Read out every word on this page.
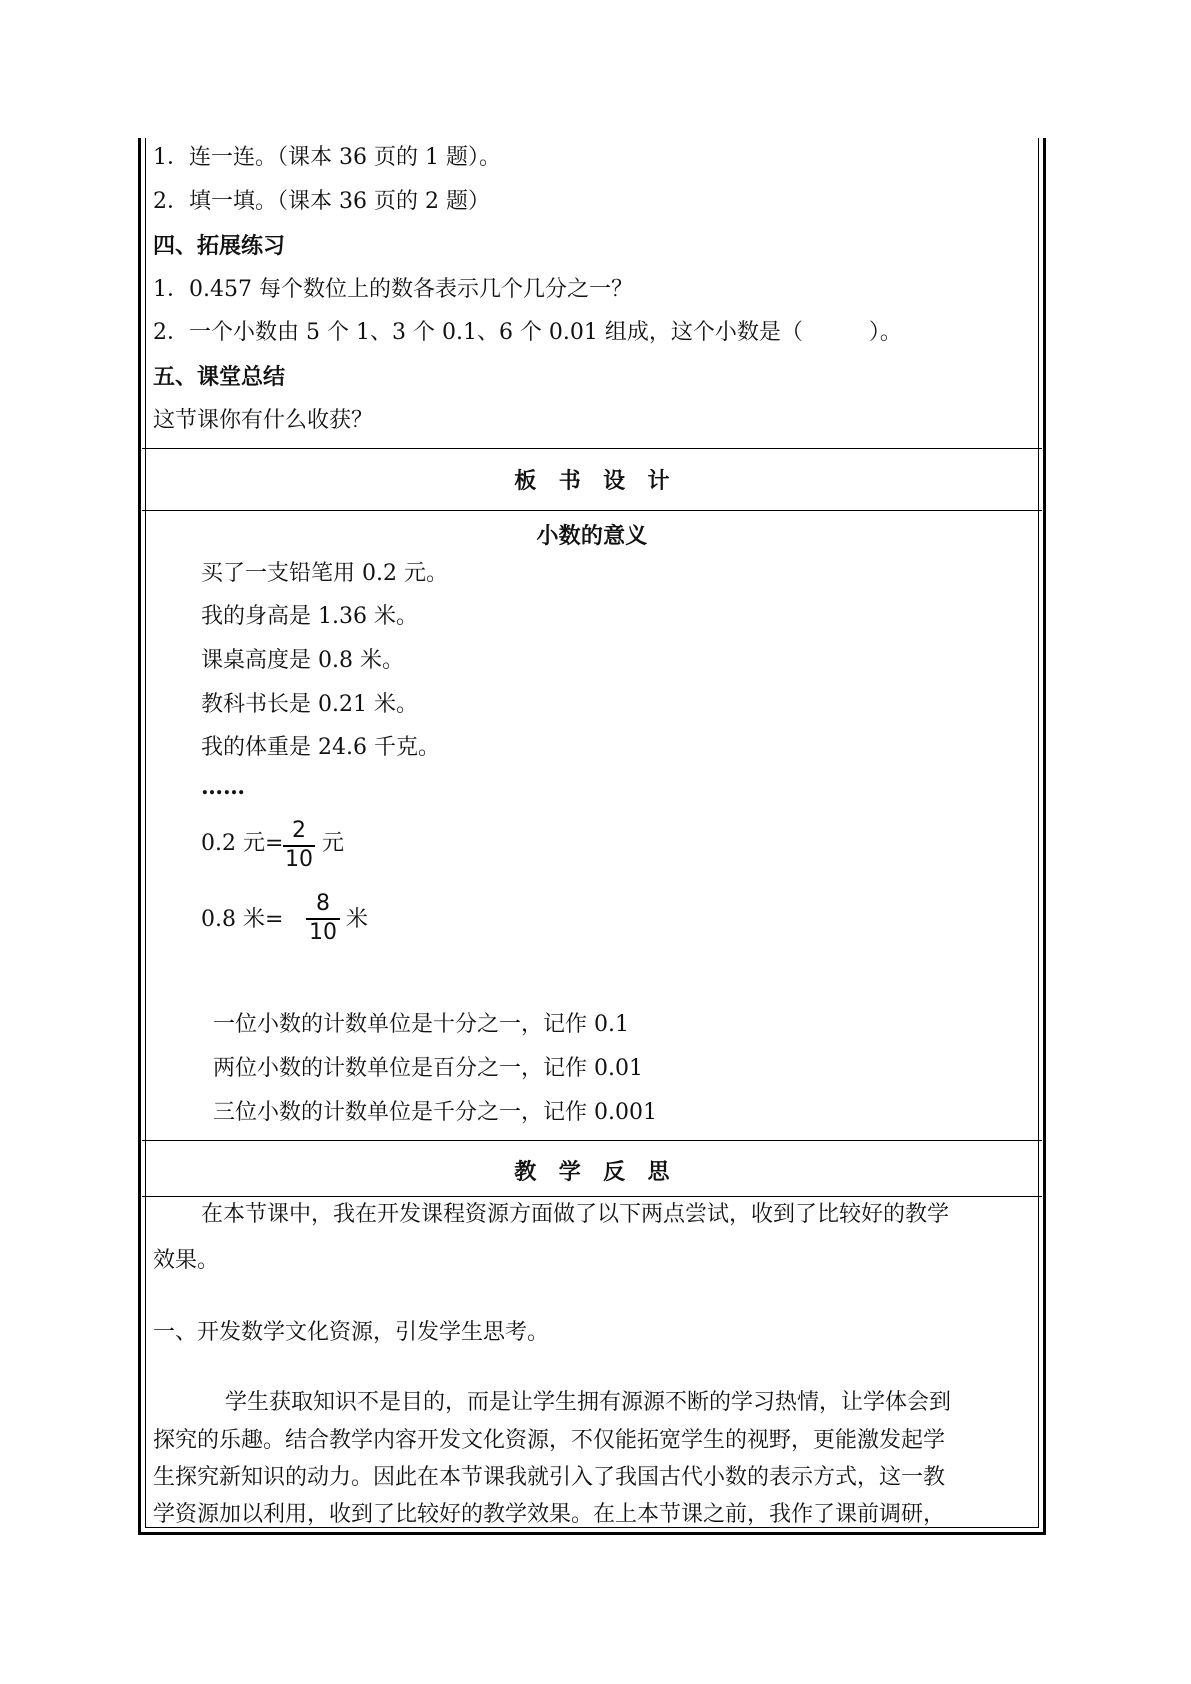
1．连一连。（课本 36 页的 1 题）。
2．填一填。（课本 36 页的 2 题）
四、拓展练习
1．0.457 每个数位上的数各表示几个几分之一？
2．一个小数由 5 个 1、3 个 0.1、6 个 0.01 组成，这个小数是（　　　）。
五、课堂总结
这节课你有什么收获？
板　书　设　计
小数的意义
买了一支铅笔用 0.2 元。
我的身高是 1.36 米。
课桌高度是 0.8 米。
教科书长是 0.21 米。
我的体重是 24.6 千克。
……
0.2 元=
2
10
元
0.8 米=
8
10
米
一位小数的计数单位是十分之一，记作 0.1
两位小数的计数单位是百分之一，记作 0.01
三位小数的计数单位是千分之一，记作 0.001
教　学　反　思
在本节课中，我在开发课程资源方面做了以下两点尝试，收到了比较好的教学
效果。
一、开发数学文化资源，引发学生思考。
学生获取知识不是目的，而是让学生拥有源源不断的学习热情，让学体会到
探究的乐趣。结合教学内容开发文化资源，不仅能拓宽学生的视野，更能激发起学
生探究新知识的动力。因此在本节课我就引入了我国古代小数的表示方式，这一教
学资源加以利用，收到了比较好的教学效果。在上本节课之前，我作了课前调研，
